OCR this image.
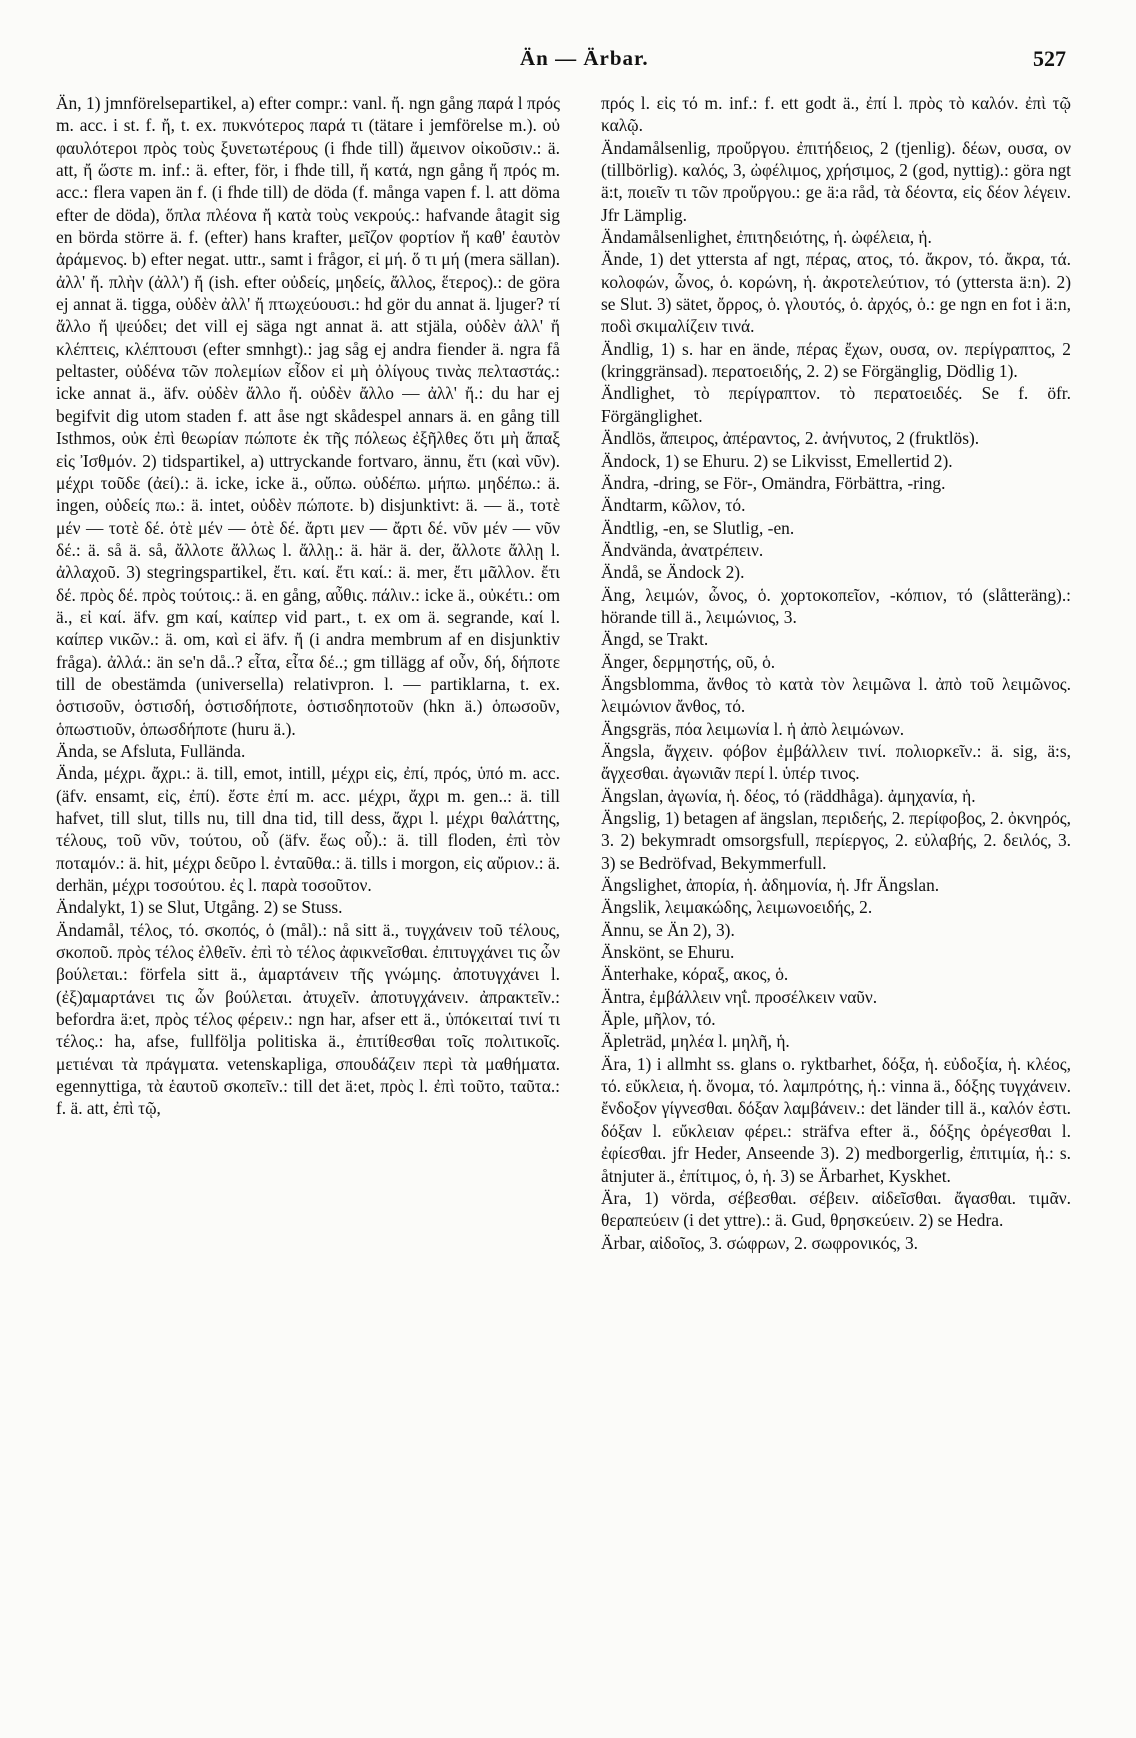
Än — Ärbar.	527

Än, 1) jmnförelsepartikel, a) efter compr.: vanl. ἤ. ngn gång παρά l πρός m. acc. i st. f. ἤ, t. ex. πυκνότερος παρά τι (tätare i jemförelse m.). οὐ φαυλότεροι πρὸς τοὺς ξυνετωτέρους (i fhde till) ἄμεινον οἰκοῦσιν.: ä. att, ἤ ὥστε m. inf.: ä. efter, för, i fhde till, ἤ κατά, ngn gång ἤ πρός m. acc.: flera vapen än f. (i fhde till) de döda (f. många vapen f. l. att döma efter de döda), ὅπλα πλέονα ἤ κατὰ τοὺς νεκρούς.: hafvande åtagit sig en börda större ä. f. (efter) hans krafter, μεῖζον φορτίον ἤ καθ' ἑαυτὸν ἀράμενος. b) efter negat. uttr., samt i frågor, εἰ μή. ὅ τι μή (mera sällan). ἀλλ' ἤ. πλὴν (ἀλλ') ἤ (ish. efter οὐδείς, μηδείς, ἄλλος, ἕτερος).: de göra ej annat ä. tigga, οὐδὲν ἀλλ' ἤ πτωχεύουσι.: hd gör du annat ä. ljuger? τί ἄλλο ἤ ψεύδει; det vill ej säga ngt annat ä. att stjäla, οὐδὲν ἀλλ' ἤ κλέπτεις, κλέπτουσι (efter smnhgt).: jag såg ej andra fiender ä. ngra få peltaster, οὐδένα τῶν πολεμίων εἶδον εἰ μὴ ὀλίγους τινὰς πελταστάς.: icke annat ä., äfv. οὐδὲν ἄλλο ἤ. οὐδὲν ἄλλο — ἀλλ' ἤ.: du har ej begifvit dig utom staden f. att åse ngt skådespel annars ä. en gång till Isthmos, οὐκ ἐπὶ θεωρίαν πώποτε ἐκ τῆς πόλεως ἐξῆλθες ὅτι μὴ ἅπαξ εἰς Ἰσθμόν. 2) tidspartikel, a) uttryckande fortvaro, ännu, ἔτι (καὶ νῦν). μέχρι τοῦδε (ἀεί).: ä. icke, icke ä., οὔπω. οὐδέπω. μήπω. μηδέπω.: ä. ingen, οὐδείς πω.: ä. intet, οὐδὲν πώποτε. b) disjunktivt: ä. — ä., τοτὲ μέν — τοτὲ δέ. ὁτὲ μέν — ὁτὲ δέ. ἄρτι μεν — ἄρτι δέ. νῦν μέν — νῦν δέ.: ä. så ä. så, ἄλλοτε ἄλλως l. ἄλλῃ.: ä. här ä. der, ἄλλοτε ἄλλῃ l. ἀλλαχοῦ. 3) stegringspartikel, ἔτι. καί. ἔτι καί.: ä. mer, ἔτι μᾶλλον. ἔτι δέ. πρὸς δέ. πρὸς τούτοις.: ä. en gång, αὖθις. πάλιν.: icke ä., οὐκέτι.: om ä., εἰ καί. äfv. gm καί, καίπερ vid part., t. ex om ä. segrande, καί l. καίπερ νικῶν.: ä. om, καὶ εἰ äfv. ἤ (i andra membrum af en disjunktiv fråga). ἀλλά.: än se'n då..? εἶτα, εἶτα δέ..; gm tillägg af οὖν, δή, δήποτε till de obestämda (universella) relativpron. l. — partiklarna, t. ex. ὁστισοῦν, ὁστισδή, ὁστισδήποτε, ὁστισδηποτοῦν (hkn ä.) ὁπωσοῦν, ὁπωστιοῦν, ὁπωσδήποτε (huru ä.).

Ända, se Afsluta, Fullända.

Ända, μέχρι. ἄχρι.: ä. till, emot, intill, μέχρι εἰς, ἐπί, πρός, ὑπό m. acc. (äfv. ensamt, εἰς, ἐπί). ἔστε ἐπί m. acc. μέχρι, ἄχρι m. gen..: ä. till hafvet, till slut, tills nu, till dna tid, till dess, ἄχρι l. μέχρι θαλάττης, τέλους, τοῦ νῦν, τούτου, οὗ (äfv. ἕως οὗ).: ä. till floden, ἐπὶ τὸν ποταμόν.: ä. hit, μέχρι δεῦρο l. ἐνταῦθα.: ä. tills i morgon, εἰς αὔριον.: ä. derhän, μέχρι τοσούτου. ἐς l. παρὰ τοσοῦτον.

Ändalykt, 1) se Slut, Utgång. 2) se Stuss.

Ändamål, τέλος, τό. σκοπός, ὁ (mål).: nå sitt ä., τυγχάνειν τοῦ τέλους, σκοποῦ. πρὸς τέλος ἐλθεῖν. ἐπὶ τὸ τέλος ἀφικνεῖσθαι. ἐπιτυγχάνει τις ὧν βούλεται.: förfela sitt ä., ἁμαρτάνειν τῆς γνώμης. ἀποτυγχάνει l. (ἐξ)αμαρτάνει τις ὧν βούλεται. ἀτυχεῖν. ἀποτυγχάνειν. ἀπρακτεῖν.: befordra ä:et, πρὸς τέλος φέρειν.: ngn har, afser ett ä., ὑπόκειταί τινί τι τέλος.: ha, afse, fullfölja politiska ä., ἐπιτίθεσθαι τοῖς πολιτικοῖς. μετιέναι τὰ πράγματα. vetenskapliga, σπουδάζειν περὶ τὰ μαθήματα. egennyttiga, τὰ ἑαυτοῦ σκοπεῖν.: till det ä:et, πρὸς l. ἐπὶ τοῦτο, ταῦτα.: f. ä. att, ἐπὶ τῷ,

πρός l. εἰς τό m. inf.: f. ett godt ä., ἐπί l. πρὸς τὸ καλόν. ἐπὶ τῷ καλῷ.

Ändamålsenlig, προὔργου. ἐπιτήδειος, 2 (tjenlig). δέων, ουσα, ον (tillbörlig). καλός, 3, ὠφέλιμος, χρήσιμος, 2 (god, nyttig).: göra ngt ä:t, ποιεῖν τι τῶν προὔργου.: ge ä:a råd, τὰ δέοντα, εἰς δέον λέγειν. Jfr Lämplig.

Ändamålsenlighet, ἐπιτηδειότης, ἡ. ὠφέλεια, ἡ.

Ände, 1) det yttersta af ngt, πέρας, ατος, τό. ἄκρον, τό. ἄκρα, τά. κολοφών, ὧνος, ὁ. κορώνη, ἡ. ἀκροτελεύτιον, τό (yttersta ä:n). 2) se Slut. 3) sätet, ὄρρος, ὁ. γλουτός, ὁ. ἀρχός, ὁ.: ge ngn en fot i ä:n, ποδὶ σκιμαλίζειν τινά.

Ändlig, 1) s. har en ände, πέρας ἔχων, ουσα, ον. περίγραπτος, 2 (kringgränsad). περατοειδής, 2. 2) se Förgänglig, Dödlig 1).

Ändlighet, τὸ περίγραπτον. τὸ περατοειδές. Se f. öfr. Förgänglighet.

Ändlös, ἄπειρος, ἀπέραντος, 2. ἀνήνυτος, 2 (fruktlös).

Ändock, 1) se Ehuru. 2) se Likvisst, Emellertid 2).

Ändra, -dring, se För-, Omändra, Förbättra, -ring.

Ändtarm, κῶλον, τό.

Ändtlig, -en, se Slutlig, -en.

Ändvända, ἀνατρέπειν.

Ändå, se Ändock 2).

Äng, λειμών, ὧνος, ὁ. χορτοκοπεῖον, -κόπιον, τό (slåtteräng).: hörande till ä., λειμώνιος, 3.

Ängd, se Trakt.

Änger, δερμηστής, οῦ, ὁ.

Ängsblomma, ἄνθος τὸ κατὰ τὸν λειμῶνα l. ἀπὸ τοῦ λειμῶνος. λειμώνιον ἄνθος, τό.

Ängsgräs, πόα λειμωνία l. ἡ ἀπὸ λειμώνων.

Ängsla, ἄγχειν. φόβον ἐμβάλλειν τινί. πολιορκεῖν.: ä. sig, ä:s, ἄγχεσθαι. ἀγωνιᾶν περί l. ὑπέρ τινος.

Ängslan, ἀγωνία, ἡ. δέος, τό (räddhåga). ἀμηχανία, ἡ.

Ängslig, 1) betagen af ängslan, περιδεής, 2. περίφοβος, 2. ὀκνηρός, 3. 2) bekymradt omsorgsfull, περίεργος, 2. εὐλαβής, 2. δειλός, 3. 3) se Bedröfvad, Bekymmerfull.

Ängslighet, ἀπορία, ἡ. ἀδημονία, ἡ. Jfr Ängslan.

Ängslik, λειμακώδης, λειμωνοειδής, 2.

Ännu, se Än 2), 3).

Änskönt, se Ehuru.

Änterhake, κόραξ, ακος, ὁ.

Äntra, ἐμβάλλειν νηΐ. προσέλκειν ναῦν.

Äple, μῆλον, τό.

Äpleträd, μηλέα l. μηλῆ, ἡ.

Ära, 1) i allmht ss. glans o. ryktbarhet, δόξα, ἡ. εὐδοξία, ἡ. κλέος, τό. εὔκλεια, ἡ. ὄνομα, τό. λαμπρότης, ἡ.: vinna ä., δόξης τυγχάνειν. ἔνδοξον γίγνεσθαι. δόξαν λαμβάνειν.: det länder till ä., καλόν ἐστι. δόξαν l. εὔκλειαν φέρει.: sträfva efter ä., δόξης ὀρέγεσθαι l. ἐφίεσθαι. jfr Heder, Anseende 3). 2) medborgerlig, ἐπιτιμία, ἡ.: s. åtnjuter ä., ἐπίτιμος, ὁ, ἡ. 3) se Ärbarhet, Kyskhet.

Ära, 1) vörda, σέβεσθαι. σέβειν. αἰδεῖσθαι. ἄγασθαι. τιμᾶν. θεραπεύειν (i det yttre).: ä. Gud, θρησκεύειν. 2) se Hedra.

Ärbar, αἰδοῖος, 3. σώφρων, 2. σωφρονικός, 3.
